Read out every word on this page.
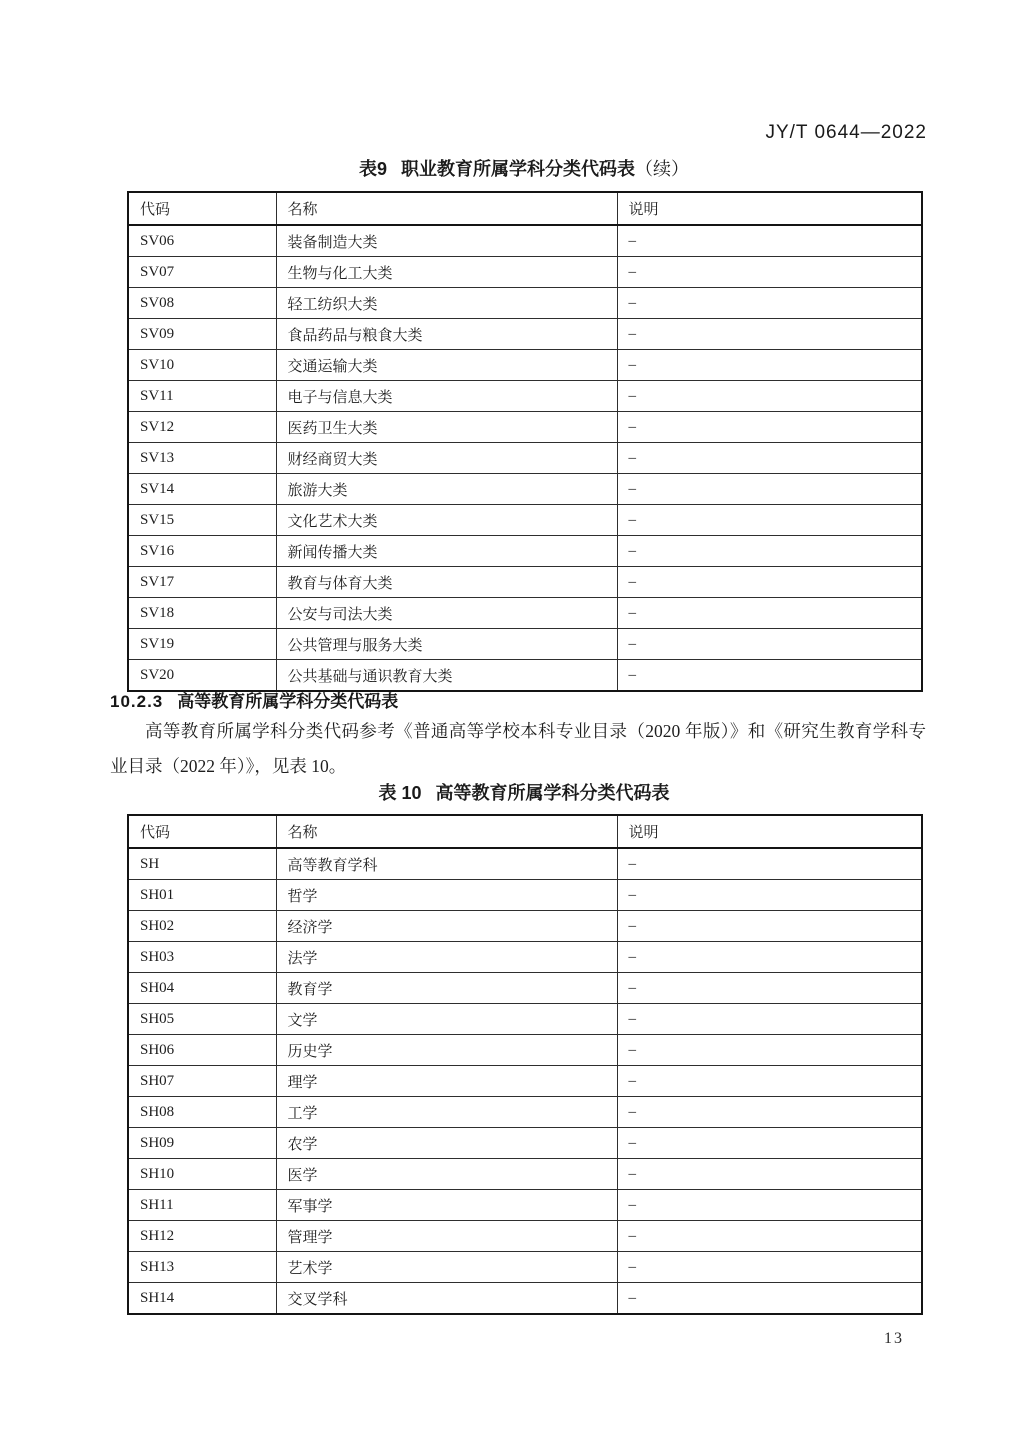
JY/T 0644—2022
表9 职业教育所属学科分类代码表（续）
代码	名称	说明
SV06	装备制造大类	–
SV07	生物与化工大类	–
SV08	轻工纺织大类	–
SV09	食品药品与粮食大类	–
SV10	交通运输大类	–
SV11	电子与信息大类	–
SV12	医药卫生大类	–
SV13	财经商贸大类	–
SV14	旅游大类	–
SV15	文化艺术大类	–
SV16	新闻传播大类	–
SV17	教育与体育大类	–
SV18	公安与司法大类	–
SV19	公共管理与服务大类	–
SV20	公共基础与通识教育大类	–
10.2.3 高等教育所属学科分类代码表
高等教育所属学科分类代码参考《普通高等学校本科专业目录（2020 年版）》和《研究生教育学科专业目录（2022 年）》，见表 10。
表 10 高等教育所属学科分类代码表
代码	名称	说明
SH	高等教育学科	–
SH01	哲学	–
SH02	经济学	–
SH03	法学	–
SH04	教育学	–
SH05	文学	–
SH06	历史学	–
SH07	理学	–
SH08	工学	–
SH09	农学	–
SH10	医学	–
SH11	军事学	–
SH12	管理学	–
SH13	艺术学	–
SH14	交叉学科	–
13
